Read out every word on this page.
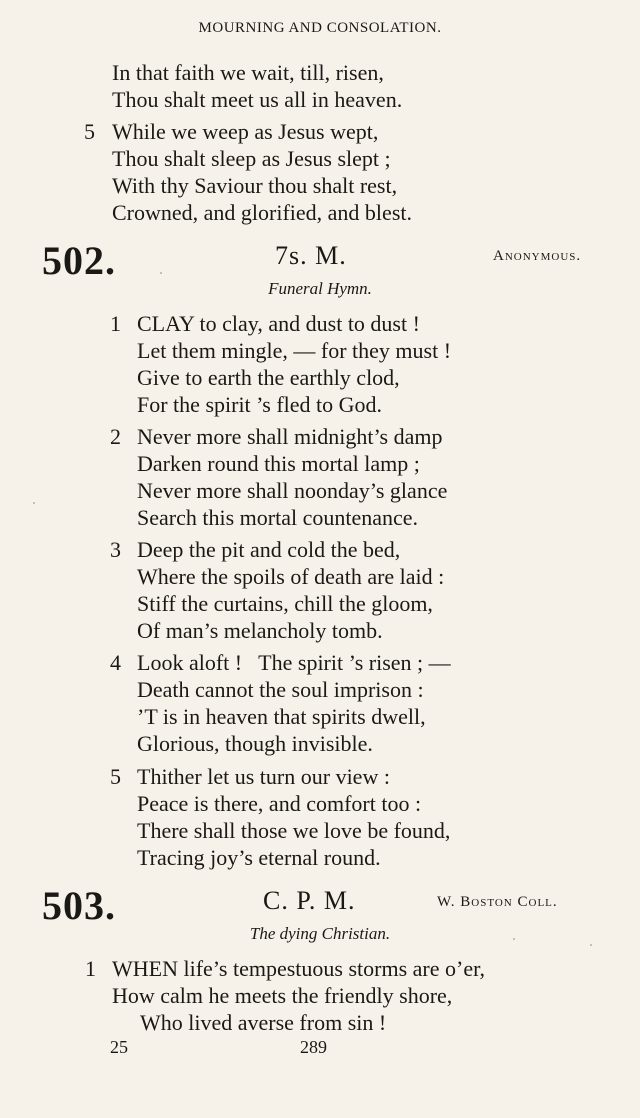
MOURNING AND CONSOLATION.
In that faith we wait, till, risen,
Thou shalt meet us all in heaven.
5 While we weep as Jesus wept,
Thou shalt sleep as Jesus slept ;
With thy Saviour thou shalt rest,
Crowned, and glorified, and blest.
502.	7s. M.	Anonymous.
Funeral Hymn.
1 CLAY to clay, and dust to dust !
Let them mingle, — for they must !
Give to earth the earthly clod,
For the spirit ’s fled to God.
2 Never more shall midnight’s damp
Darken round this mortal lamp ;
Never more shall noonday’s glance
Search this mortal countenance.
3 Deep the pit and cold the bed,
Where the spoils of death are laid :
Stiff the curtains, chill the gloom,
Of man’s melancholy tomb.
4 Look aloft !   The spirit ’s risen ; —
Death cannot the soul imprison :
’T is in heaven that spirits dwell,
Glorious, though invisible.
5 Thither let us turn our view :
Peace is there, and comfort too :
There shall those we love be found,
Tracing joy’s eternal round.
503.	C. P. M.	W. Boston Coll.
The dying Christian.
1 WHEN life’s tempestuous storms are o’er,
How calm he meets the friendly shore,
Who lived averse from sin !
25	289
